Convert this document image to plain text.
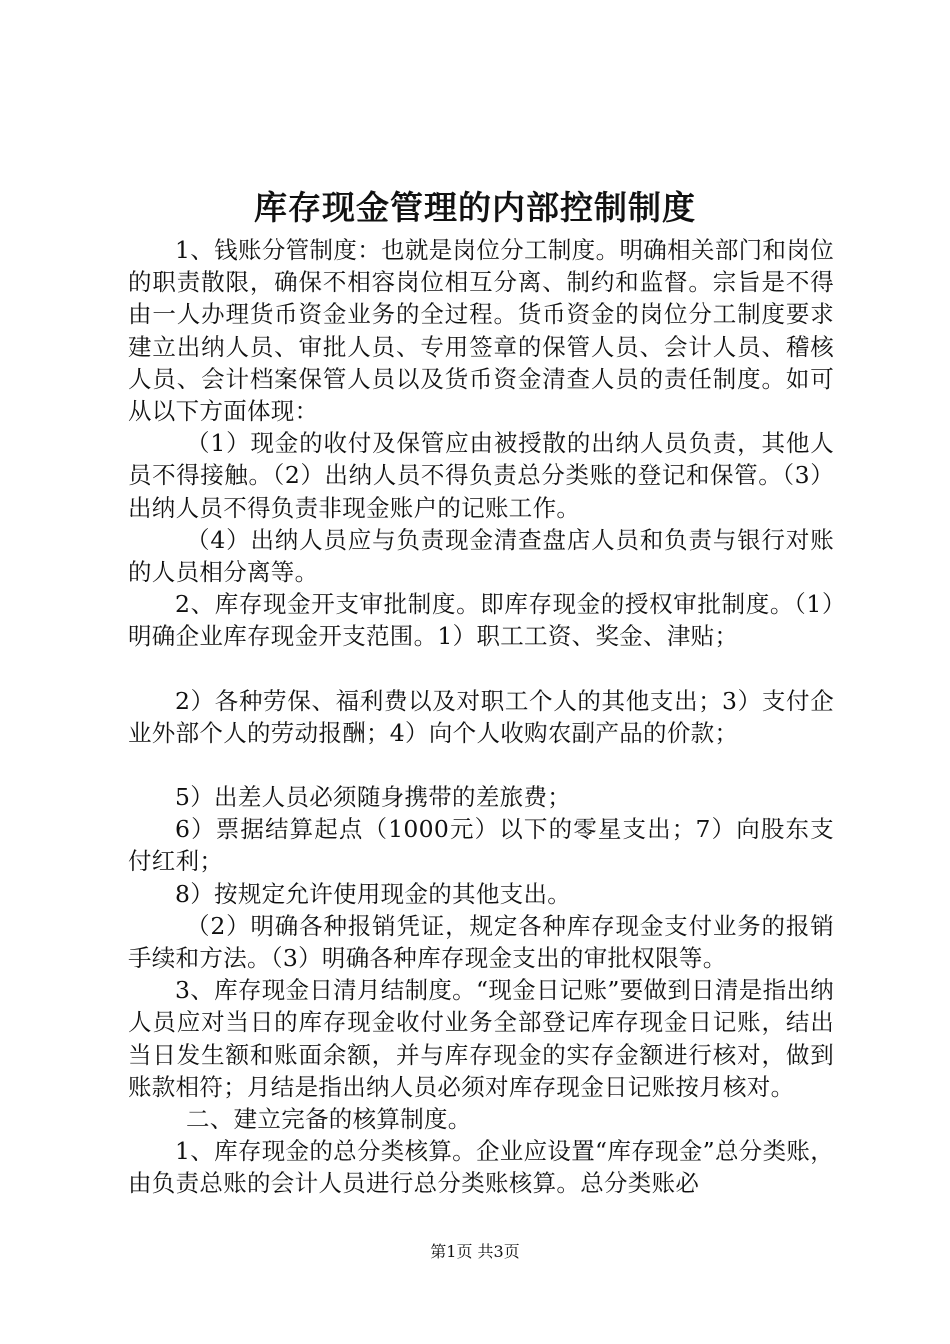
库存现金管理的内部控制制度

1、钱账分管制度：也就是岗位分工制度。明确相关部门和岗位的职责散限，确保不相容岗位相互分离、制约和监督。宗旨是不得由一人办理货币资金业务的全过程。货币资金的岗位分工制度要求建立出纳人员、审批人员、专用签章的保管人员、会计人员、稽核人员、会计档案保管人员以及货币资金清查人员的责任制度。如可从以下方面体现：

（1）现金的收付及保管应由被授散的出纳人员负责，其他人员不得接触。（2）出纳人员不得负责总分类账的登记和保管。（3）出纳人员不得负责非现金账户的记账工作。

（4）出纳人员应与负责现金清查盘店人员和负责与银行对账的人员相分离等。

2、库存现金开支审批制度。即库存现金的授权审批制度。（1）明确企业库存现金开支范围。1）职工工资、奖金、津贴；

2）各种劳保、福利费以及对职工个人的其他支出；3）支付企业外部个人的劳动报酬；4）向个人收购农副产品的价款；

5）出差人员必须随身携带的差旅费；

6）票据结算起点（1000元）以下的零星支出；7）向股东支付红利；

8）按规定允许使用现金的其他支出。

（2）明确各种报销凭证，规定各种库存现金支付业务的报销手续和方法。（3）明确各种库存现金支出的审批权限等。

3、库存现金日清月结制度。“现金日记账”要做到日清是指出纳人员应对当日的库存现金收付业务全部登记库存现金日记账，结出当日发生额和账面余额，并与库存现金的实存金额进行核对，做到账款相符；月结是指出纳人员必须对库存现金日记账按月核对。

二、建立完备的核算制度。

1、库存现金的总分类核算。企业应设置“库存现金”总分类账，由负责总账的会计人员进行总分类账核算。总分类账必

第1页 共3页
